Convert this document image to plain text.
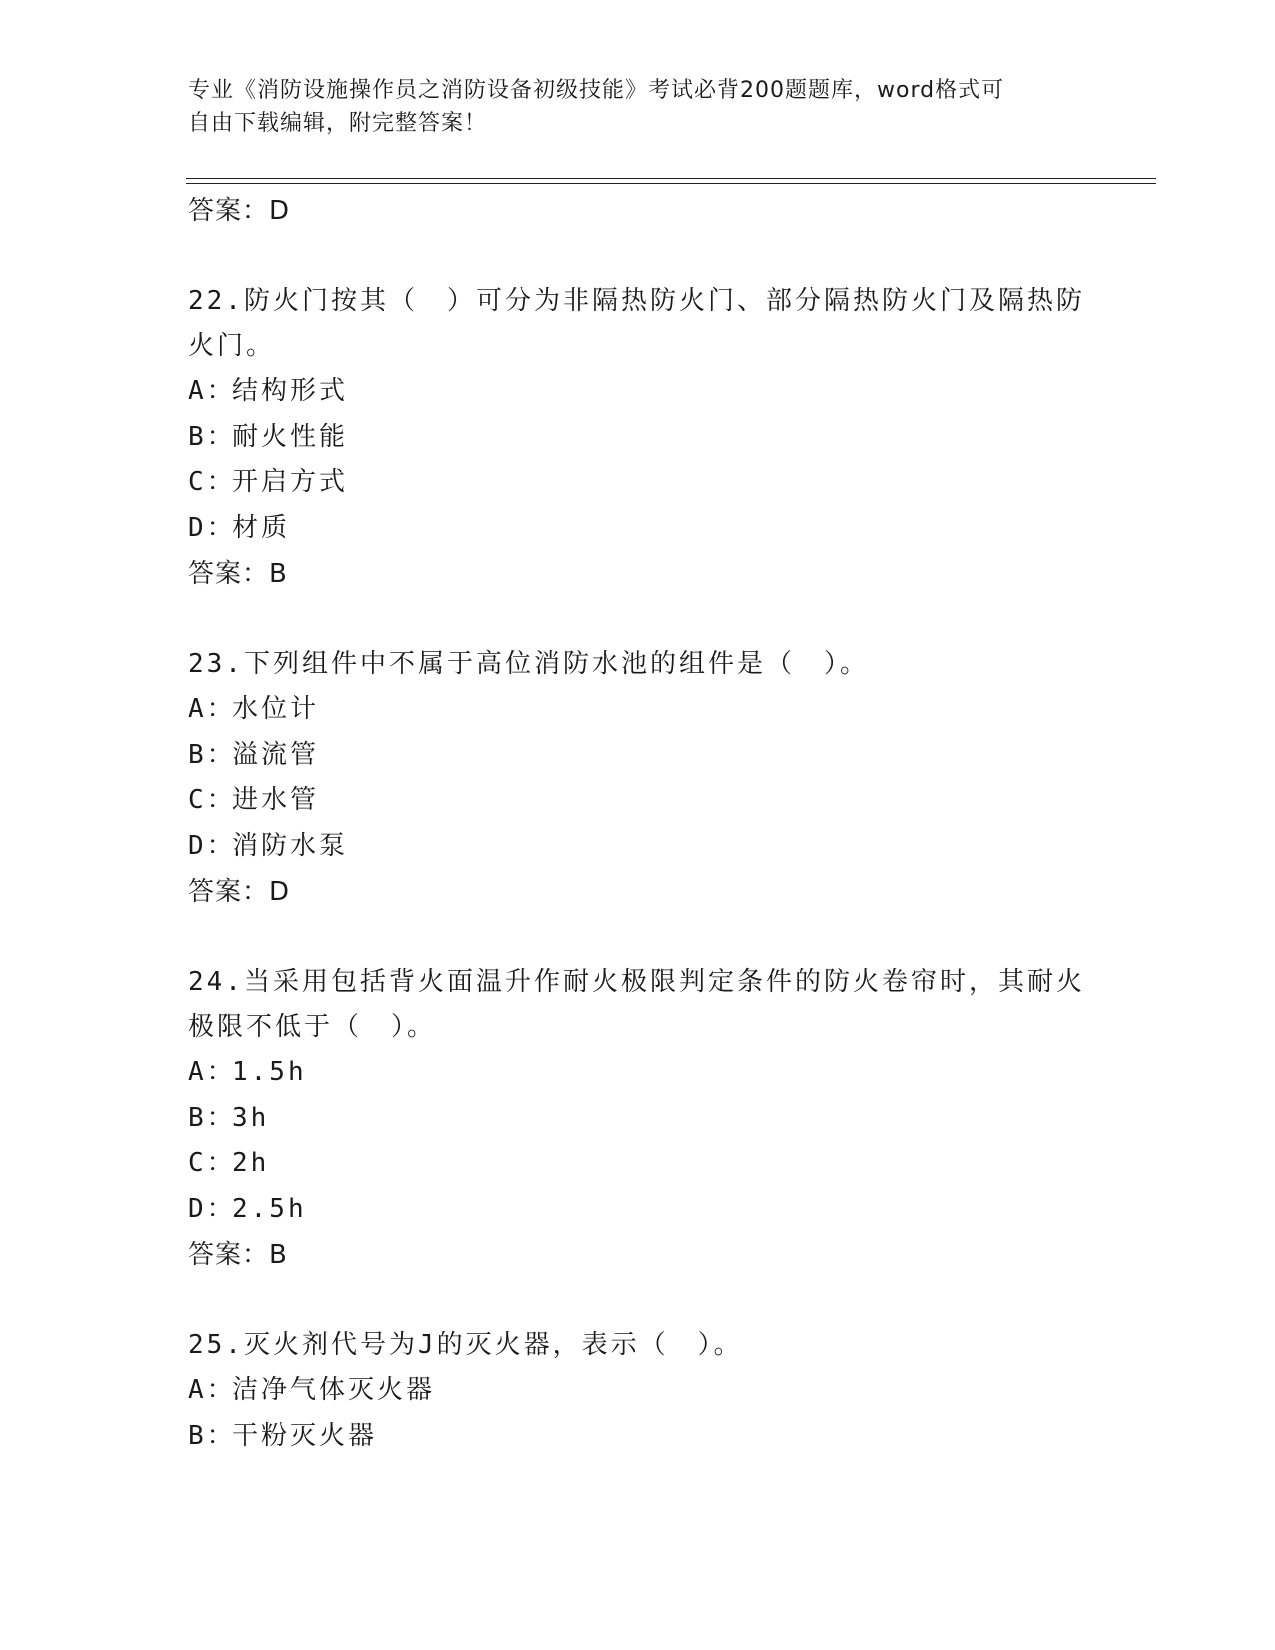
专业《消防设施操作员之消防设备初级技能》考试必背200题题库，word格式可
自由下载编辑，附完整答案！
答案：D
22.防火门按其（　）可分为非隔热防火门、部分隔热防火门及隔热防
火门。
A：结构形式
B：耐火性能
C：开启方式
D：材质
答案：B
23.下列组件中不属于高位消防水池的组件是（　）。
A：水位计
B：溢流管
C：进水管
D：消防水泵
答案：D
24.当采用包括背火面温升作耐火极限判定条件的防火卷帘时，其耐火
极限不低于（　）。
A：1.5h
B：3h
C：2h
D：2.5h
答案：B
25.灭火剂代号为J的灭火器，表示（　）。
A：洁净气体灭火器
B：干粉灭火器
